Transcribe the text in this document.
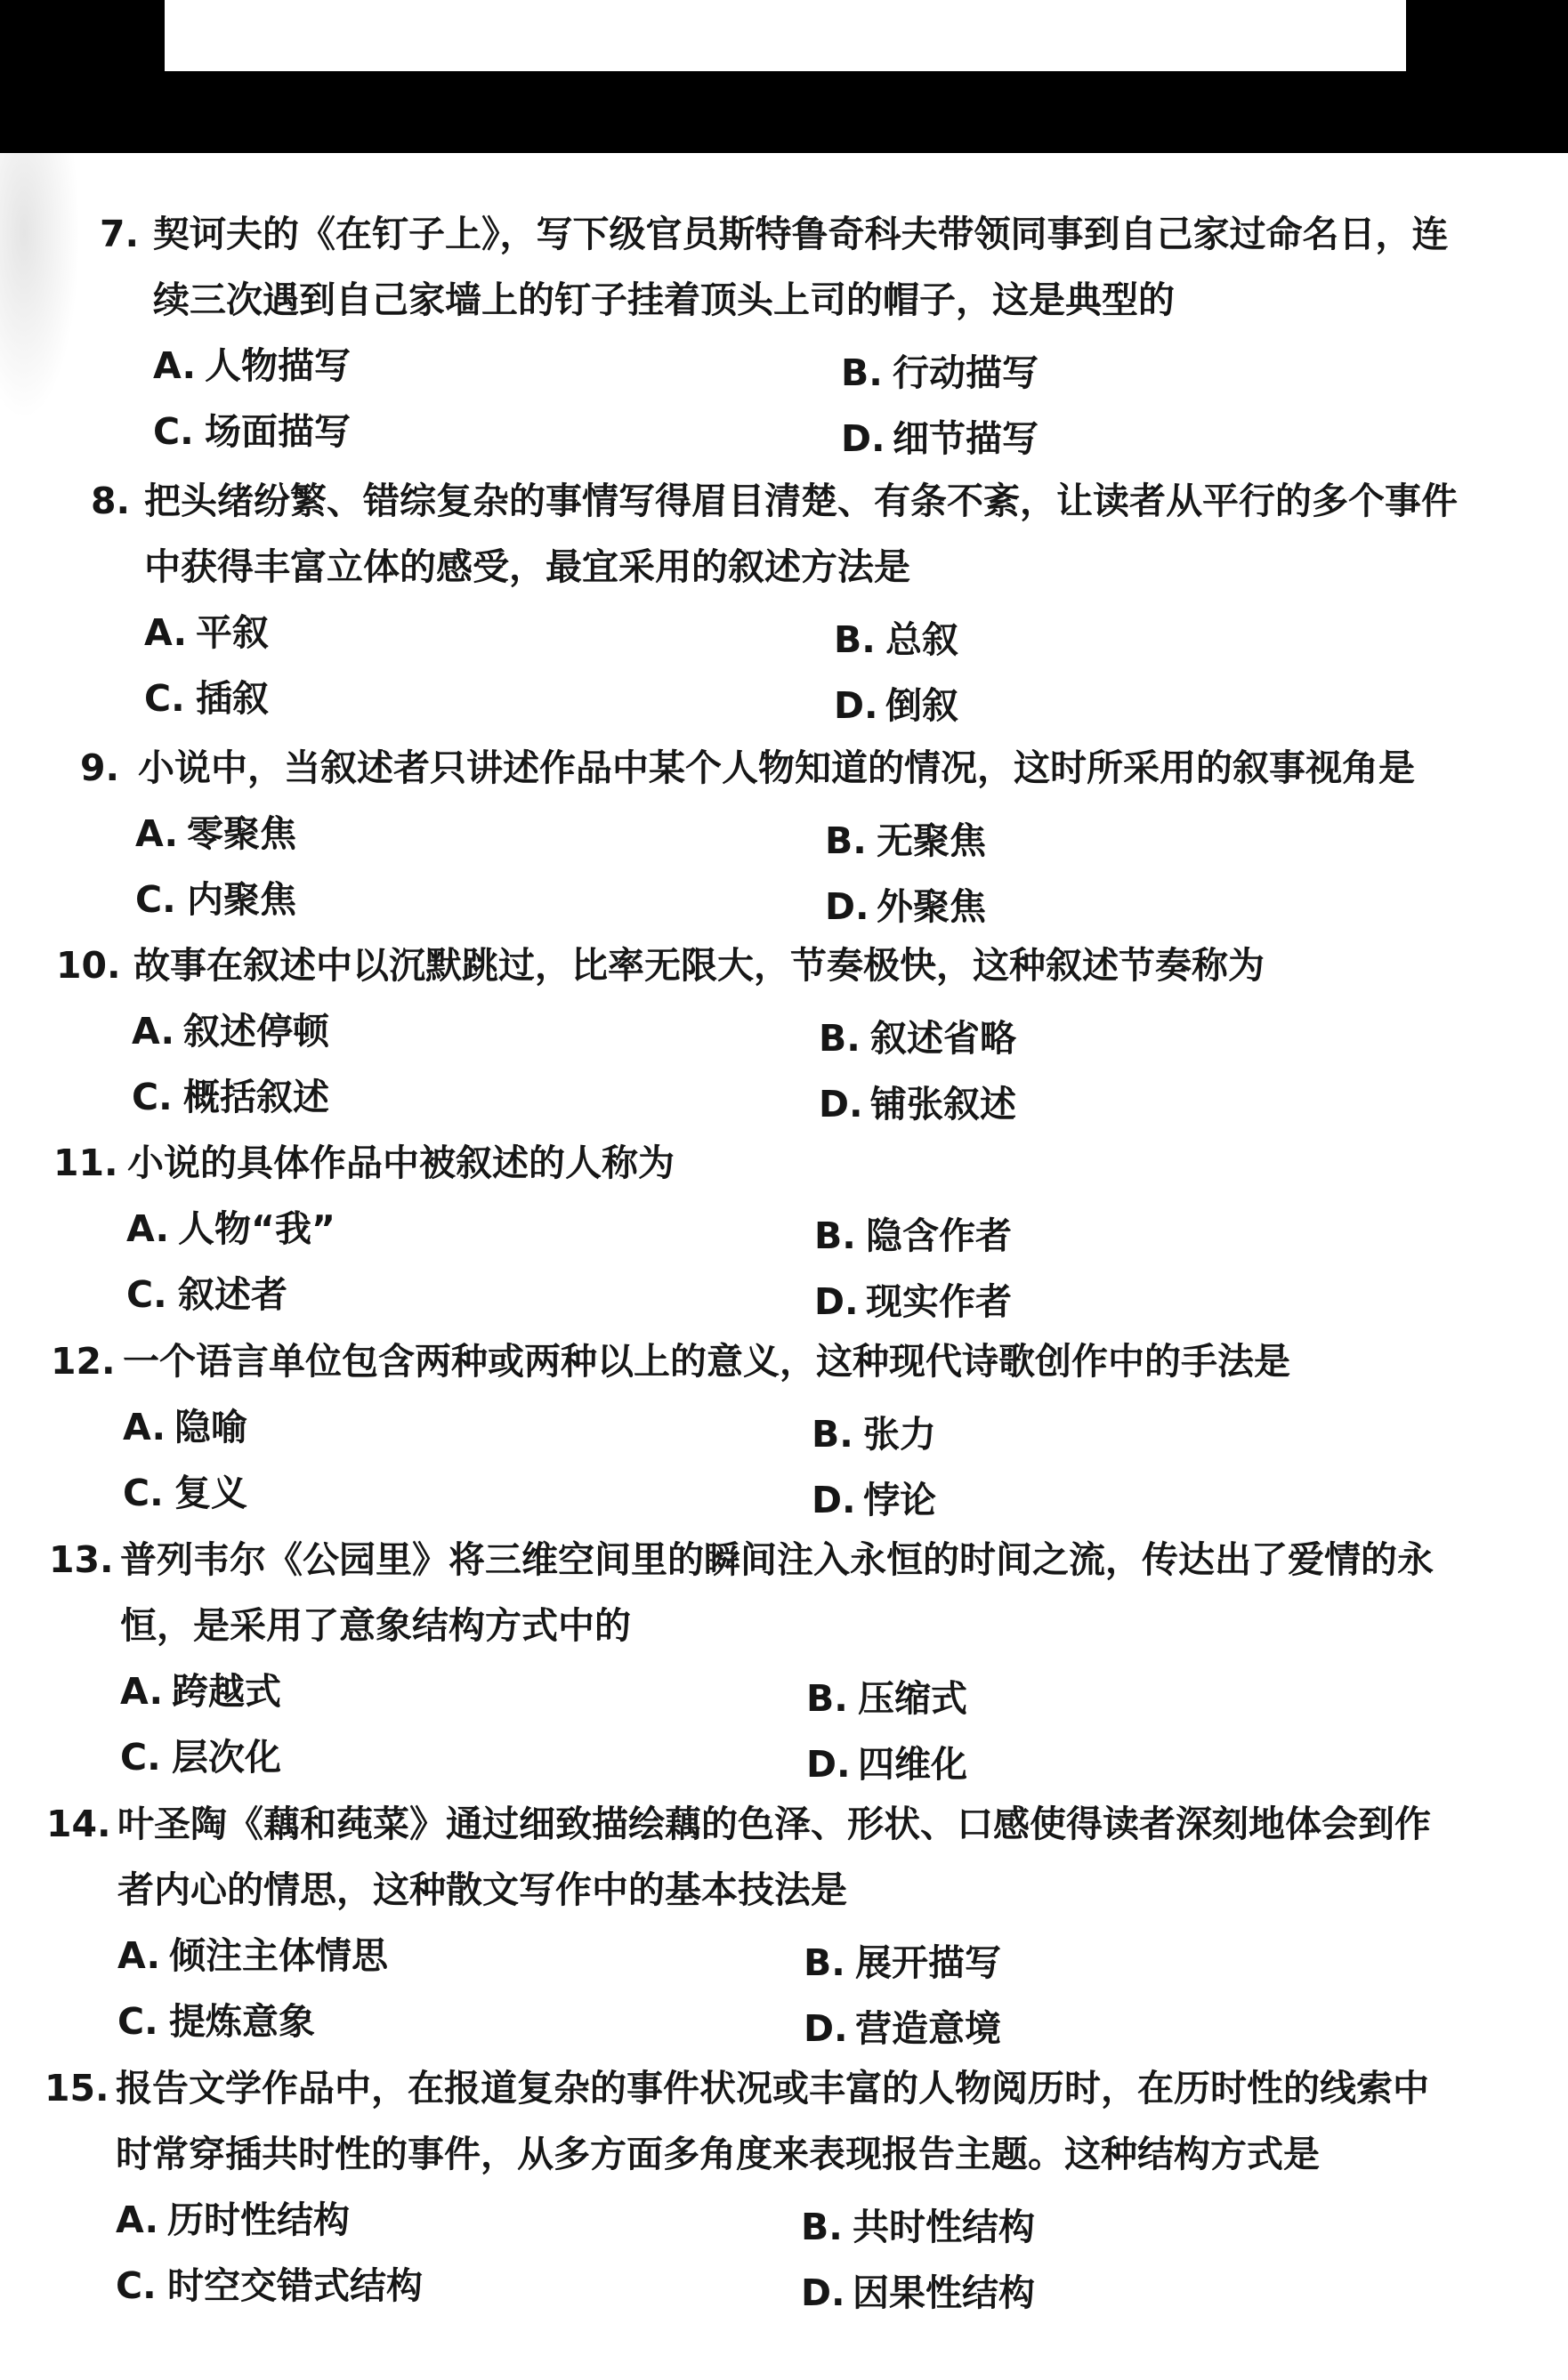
7. 契诃夫的《在钉子上》，写下级官员斯特鲁奇科夫带领同事到自己家过命名日，连
续三次遇到自己家墙上的钉子挂着顶头上司的帽子，这是典型的
A. 人物描写	B. 行动描写
C. 场面描写	D. 细节描写
8. 把头绪纷繁、错综复杂的事情写得眉目清楚、有条不紊，让读者从平行的多个事件
中获得丰富立体的感受，最宜采用的叙述方法是
A. 平叙	B. 总叙
C. 插叙	D. 倒叙
9. 小说中，当叙述者只讲述作品中某个人物知道的情况，这时所采用的叙事视角是
A. 零聚焦	B. 无聚焦
C. 内聚焦	D. 外聚焦
10. 故事在叙述中以沉默跳过，比率无限大，节奏极快，这种叙述节奏称为
A. 叙述停顿	B. 叙述省略
C. 概括叙述	D. 铺张叙述
11. 小说的具体作品中被叙述的人称为
A. 人物“我”	B. 隐含作者
C. 叙述者	D. 现实作者
12. 一个语言单位包含两种或两种以上的意义，这种现代诗歌创作中的手法是
A. 隐喻	B. 张力
C. 复义	D. 悖论
13. 普列韦尔《公园里》将三维空间里的瞬间注入永恒的时间之流，传达出了爱情的永
恒，是采用了意象结构方式中的
A. 跨越式	B. 压缩式
C. 层次化	D. 四维化
14. 叶圣陶《藕和莼菜》通过细致描绘藕的色泽、形状、口感使得读者深刻地体会到作
者内心的情思，这种散文写作中的基本技法是
A. 倾注主体情思	B. 展开描写
C. 提炼意象	D. 营造意境
15. 报告文学作品中，在报道复杂的事件状况或丰富的人物阅历时，在历时性的线索中
时常穿插共时性的事件，从多方面多角度来表现报告主题。这种结构方式是
A. 历时性结构	B. 共时性结构
C. 时空交错式结构	D. 因果性结构
